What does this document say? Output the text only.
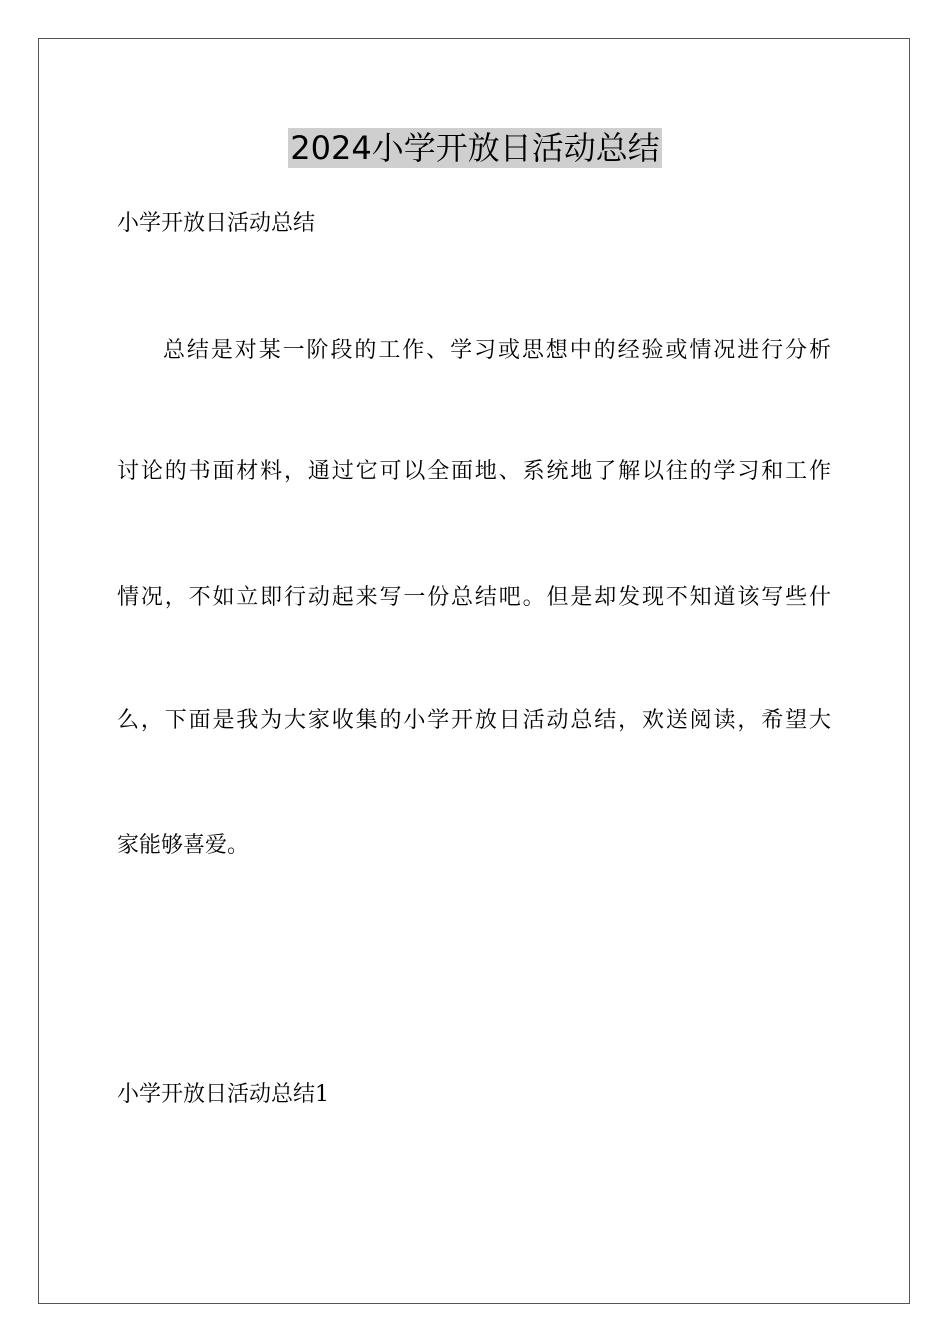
2024小学开放日活动总结
小学开放日活动总结
总结是对某一阶段的工作、学习或思想中的经验或情况进行分析
讨论的书面材料，通过它可以全面地、系统地了解以往的学习和工作
情况，不如立即行动起来写一份总结吧。但是却发现不知道该写些什
么，下面是我为大家收集的小学开放日活动总结，欢送阅读，希望大
家能够喜爱。
小学开放日活动总结1
